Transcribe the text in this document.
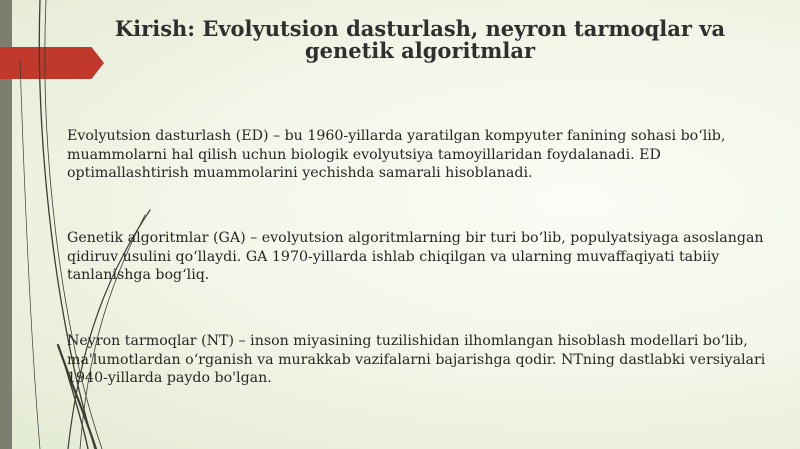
Kirish: Evolyutsion dasturlash, neyron tarmoqlar va genetik algoritmlar

Evolyutsion dasturlash (ED) – bu 1960-yillarda yaratilgan kompyuter fanining sohasi bo‘lib, muammolarni hal qilish uchun biologik evolyutsiya tamoyillaridan foydalanadi. ED optimallashtirish muammolarini yechishda samarali hisoblanadi.

Genetik algoritmlar (GA) – evolyutsion algoritmlarning bir turi bo‘lib, populyatsiyaga asoslangan qidiruv usulini qo‘llaydi. GA 1970-yillarda ishlab chiqilgan va ularning muvaffaqiyati tabiiy tanlanishga bog‘liq.

Neyron tarmoqlar (NT) – inson miyasining tuzilishidan ilhomlangan hisoblash modellari bo‘lib, ma'lumotlardan o‘rganish va murakkab vazifalarni bajarishga qodir. NTning dastlabki versiyalari 1940-yillarda paydo bo'lgan.
